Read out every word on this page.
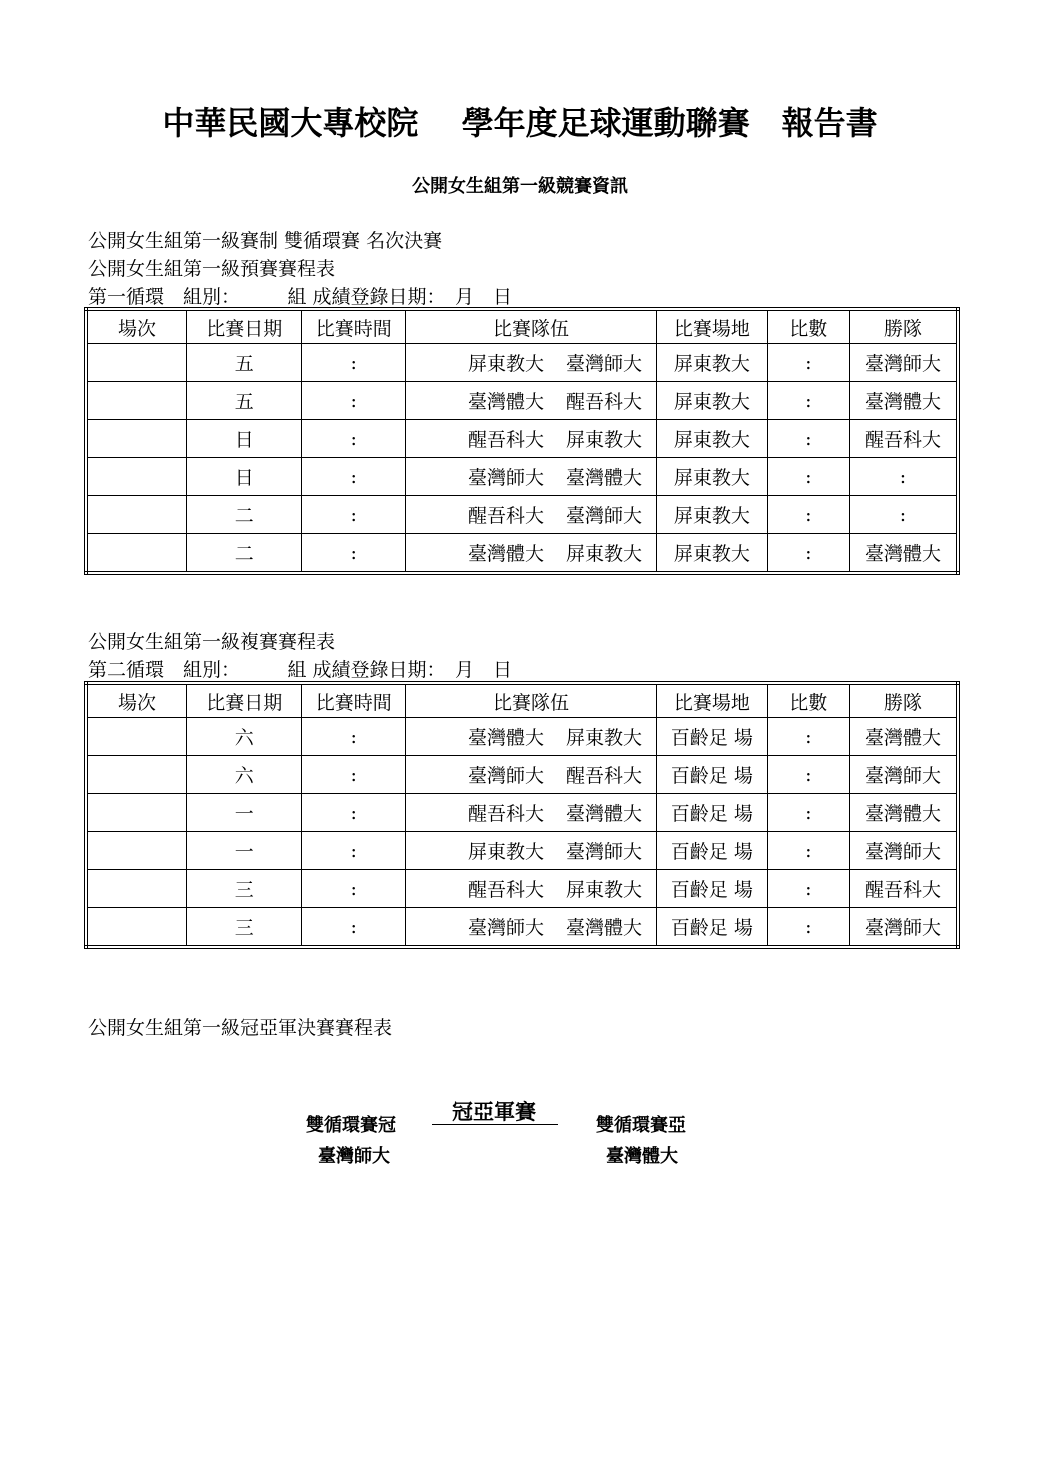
中華民國大專校院　 學年度足球運動聯賽　報告書
公開女生組第一級競賽資訊
公開女生組第一級賽制 雙循環賽 名次決賽
公開女生組第一級預賽賽程表
第一循環　組別：　　　組 成績登錄日期：　月　日
場次	比賽日期	比賽時間	比賽隊伍	比賽場地	比數	勝隊
	五	:	屏東教大 臺灣師大	屏東教大	:	臺灣師大
	五	:	臺灣體大 醒吾科大	屏東教大	:	臺灣體大
	日	:	醒吾科大 屏東教大	屏東教大	:	醒吾科大
	日	:	臺灣師大 臺灣體大	屏東教大	:	:
	二	:	醒吾科大 臺灣師大	屏東教大	:	:
	二	:	臺灣體大 屏東教大	屏東教大	:	臺灣體大
公開女生組第一級複賽賽程表
第二循環　組別：　　　組 成績登錄日期：　月　日
場次	比賽日期	比賽時間	比賽隊伍	比賽場地	比數	勝隊
	六	:	臺灣體大 屏東教大	百齡足 場	:	臺灣體大
	六	:	臺灣師大 醒吾科大	百齡足 場	:	臺灣師大
	一	:	醒吾科大 臺灣體大	百齡足 場	:	臺灣體大
	一	:	屏東教大 臺灣師大	百齡足 場	:	臺灣師大
	三	:	醒吾科大 屏東教大	百齡足 場	:	醒吾科大
	三	:	臺灣師大 臺灣體大	百齡足 場	:	臺灣師大
公開女生組第一級冠亞軍決賽賽程表
冠亞軍賽
雙循環賽冠
臺灣師大
雙循環賽亞
臺灣體大
